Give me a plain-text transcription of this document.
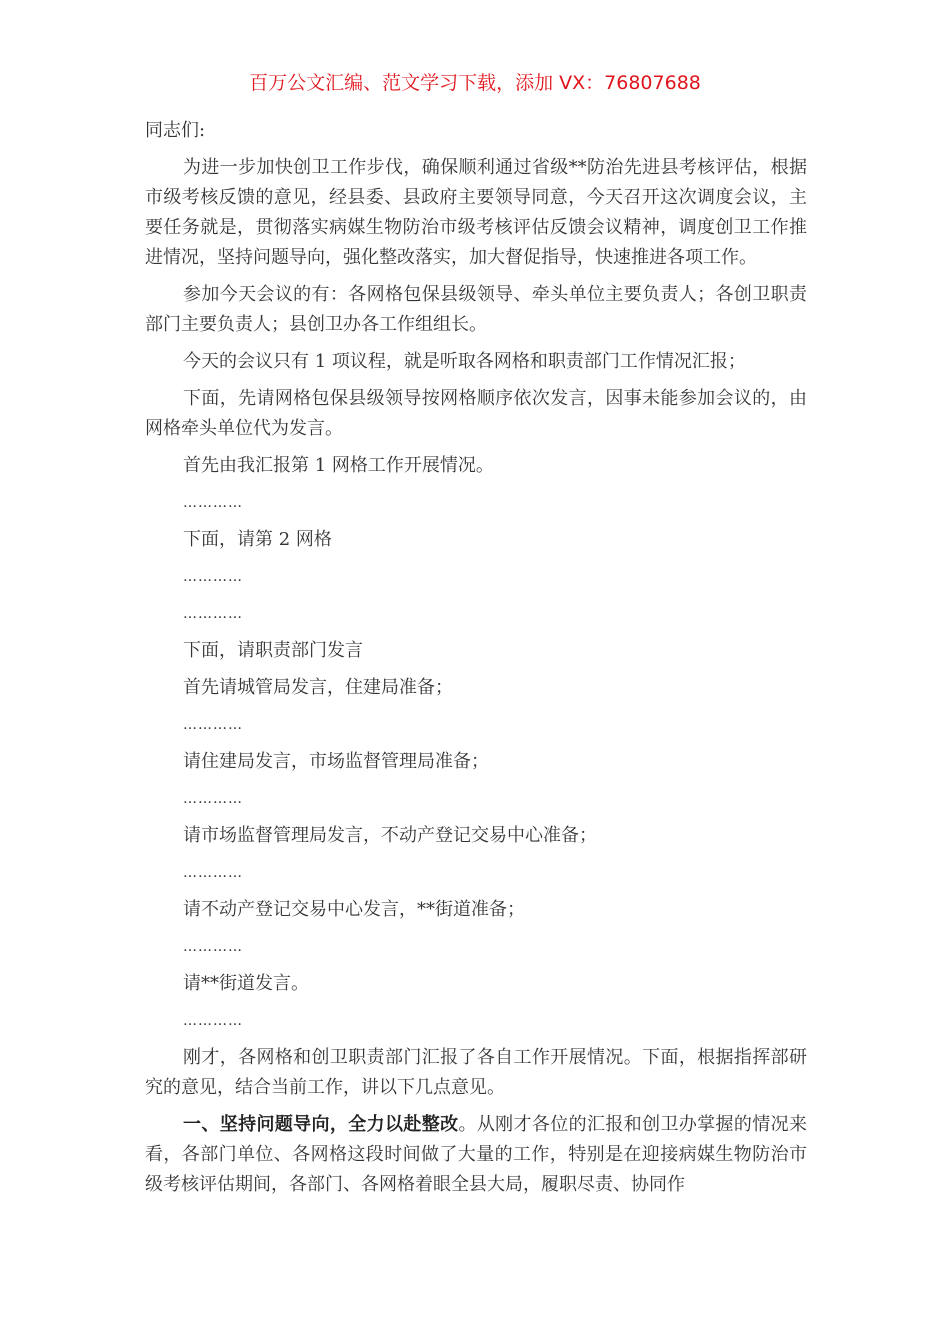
百万公文汇编、范文学习下载，添加 VX：76807688

同志们:

为进一步加快创卫工作步伐，确保顺利通过省级**防治先进县考核评估，根据市级考核反馈的意见，经县委、县政府主要领导同意，今天召开这次调度会议，主要任务就是，贯彻落实病媒生物防治市级考核评估反馈会议精神，调度创卫工作推进情况，坚持问题导向，强化整改落实，加大督促指导，快速推进各项工作。

参加今天会议的有：各网格包保县级领导、牵头单位主要负责人；各创卫职责部门主要负责人；县创卫办各工作组组长。

今天的会议只有 1 项议程，就是听取各网格和职责部门工作情况汇报；

下面，先请网格包保县级领导按网格顺序依次发言，因事未能参加会议的，由网格牵头单位代为发言。

首先由我汇报第 1 网格工作开展情况。

…………

下面，请第 2 网格

…………

…………

下面，请职责部门发言

首先请城管局发言，住建局准备；

…………

请住建局发言，市场监督管理局准备；

…………

请市场监督管理局发言，不动产登记交易中心准备；

…………

请不动产登记交易中心发言，**街道准备；

…………

请**街道发言。

…………

刚才，各网格和创卫职责部门汇报了各自工作开展情况。下面，根据指挥部研究的意见，结合当前工作，讲以下几点意见。

一、坚持问题导向，全力以赴整改。从刚才各位的汇报和创卫办掌握的情况来看，各部门单位、各网格这段时间做了大量的工作，特别是在迎接病媒生物防治市级考核评估期间，各部门、各网格着眼全县大局，履职尽责、协同作
